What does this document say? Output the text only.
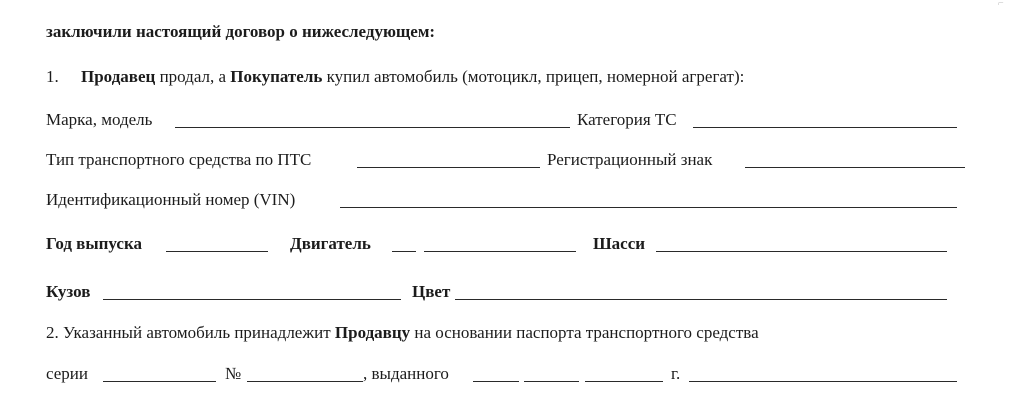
⌐
заключили настоящий договор о нижеследующем:
1. Продавец продал, а Покупатель купил автомобиль (мотоцикл, прицеп, номерной агрегат):
Марка, модель	Категория ТС
Тип транспортного средства по ПТС	Регистрационный знак
Идентификационный номер (VIN)
Год выпуска	Двигатель	Шасси
Кузов	Цвет
2. Указанный автомобиль принадлежит Продавцу на основании паспорта транспортного средства
серии	№	, выданного	г.
